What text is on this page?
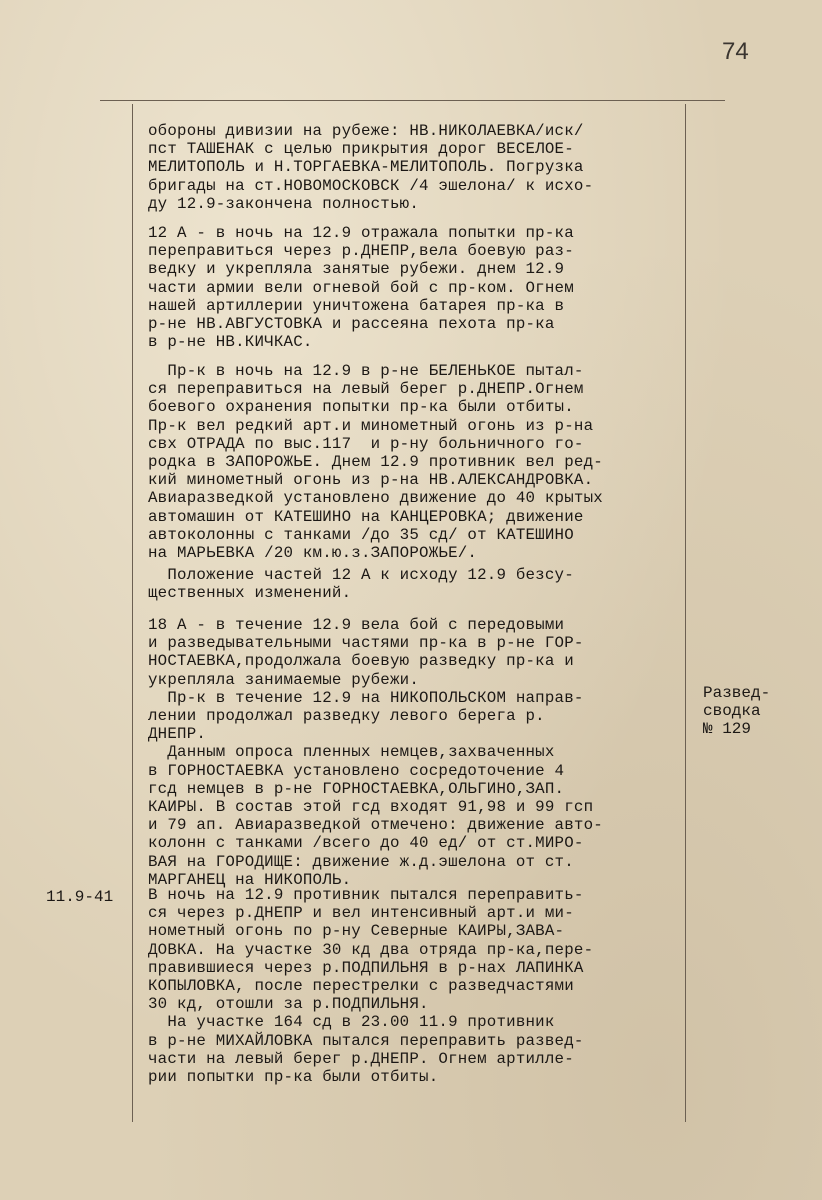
74
обороны дивизии на рубеже: НВ.НИКОЛАЕВКА/иск/
пст ТАШЕНАК с целью прикрытия дорог ВЕСЕЛОЕ-
МЕЛИТОПОЛЬ и Н.ТОРГАЕВКА-МЕЛИТОПОЛЬ. Погрузка
бригады на ст.НОВОМОСКОВСК /4 эшелона/ к исхо-
ду 12.9-закончена полностью.
12 А - в ночь на 12.9 отражала попытки пр-ка
переправиться через р.ДНЕПР,вела боевую раз-
ведку и укрепляла занятые рубежи. днем 12.9
части армии вели огневой бой с пр-ком. Огнем
нашей артиллерии уничтожена батарея пр-ка в
р-не НВ.АВГУСТОВКА и рассеяна пехота пр-ка
в р-не НВ.КИЧКАС.
Пр-к в ночь на 12.9 в р-не БЕЛЕНЬКОЕ пытал-
ся переправиться на левый берег р.ДНЕПР.Огнем
боевого охранения попытки пр-ка были отбиты.
Пр-к вел редкий арт.и минометный огонь из р-на
свх ОТРАДА по выс.117  и р-ну больничного го-
родка в ЗАПОРОЖЬЕ. Днем 12.9 противник вел ред-
кий минометный огонь из р-на НВ.АЛЕКСАНДРОВКА.
Авиаразведкой установлено движение до 40 крытых
автомашин от КАТЕШИНО на КАНЦЕРОВКА; движение
автоколонны с танками /до 35 сд/ от КАТЕШИНО
на МАРЬЕВКА /20 км.ю.з.ЗАПОРОЖЬЕ/.
Положение частей 12 А к исходу 12.9 безсу-
щественных изменений.
18 А - в течение 12.9 вела бой с передовыми
и разведывательными частями пр-ка в р-не ГОР-
НОСТАЕВКА,продолжала боевую разведку пр-ка и
укрепляла занимаемые рубежи.
Пр-к в течение 12.9 на НИКОПОЛЬСКОМ направ-
лении продолжал разведку левого берега р.
ДНЕПР.
Данным опроса пленных немцев,захваченных
в ГОРНОСТАЕВКА установлено сосредоточение 4
гсд немцев в р-не ГОРНОСТАЕВКА,ОЛЬГИНО,ЗАП.
КАИРЫ. В состав этой гсд входят 91,98 и 99 гсп
и 79 ап. Авиаразведкой отмечено: движение авто-
колонн с танками /всего до 40 ед/ от ст.МИРО-
ВАЯ на ГОРОДИЩЕ: движение ж.д.эшелона от ст.
МАРГАНЕЦ на НИКОПОЛЬ.
В ночь на 12.9 противник пытался переправить-
ся через р.ДНЕПР и вел интенсивный арт.и ми-
нометный огонь по р-ну Северные КАИРЫ,ЗАВА-
ДОВКА. На участке 30 кд два отряда пр-ка,пере-
правившиеся через р.ПОДПИЛЬНЯ в р-нах ЛАПИНКА
КОПЫЛОВКА, после перестрелки с разведчастями
30 кд, отошли за р.ПОДПИЛЬНЯ.
На участке 164 сд в 23.00 11.9 противник
в р-не МИХАЙЛОВКА пытался переправить развед-
части на левый берег р.ДНЕПР. Огнем артилле-
рии попытки пр-ка были отбиты.
11.9-41
Развед-
сводка
№ 129
